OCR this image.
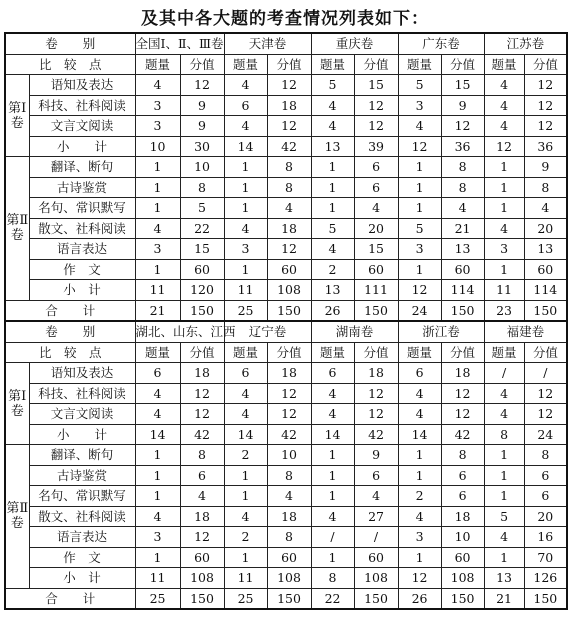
及其中各大题的考查情况列表如下：
卷　　别		全国Ⅰ、Ⅱ、Ⅲ卷		天津卷		重庆卷		广东卷		江苏卷	
比　较　点		题量	分值	题量	分值	题量	分值	题量	分值	题量	分值
第Ⅰ卷	语知及表达	4	12	4	12	5	15	5	15	4	12
	科技、社科阅读	3	9	6	18	4	12	3	9	4	12
	文言文阅读	3	9	4	12	4	12	4	12	4	12
	小　　计	10	30	14	42	13	39	12	36	12	36
第Ⅱ卷	翻译、断句	1	10	1	8	1	6	1	8	1	9
	古诗鉴赏	1	8	1	8	1	6	1	8	1	8
	名句、常识默写	1	5	1	4	1	4	1	4	1	4
	散文、社科阅读	4	22	4	18	5	20	5	21	4	20
	语言表达	3	15	3	12	4	15	3	13	3	13
	作　文	1	60	1	60	2	60	1	60	1	60
	小　计	11	120	11	108	13	111	12	114	11	114
合　　计		21	150	25	150	26	150	24	150	23	150
卷　　别		湖北、山东、江西		辽宁卷		湖南卷		浙江卷		福建卷	
比　较　点		题量	分值	题量	分值	题量	分值	题量	分值	题量	分值
第Ⅰ卷	语知及表达	6	18	6	18	6	18	6	18	/	/
	科技、社科阅读	4	12	4	12	4	12	4	12	4	12
	文言文阅读	4	12	4	12	4	12	4	12	4	12
	小　　计	14	42	14	42	14	42	14	42	8	24
第Ⅱ卷	翻译、断句	1	8	2	10	1	9	1	8	1	8
	古诗鉴赏	1	6	1	8	1	6	1	6	1	6
	名句、常识默写	1	4	1	4	1	4	2	6	1	6
	散文、社科阅读	4	18	4	18	4	27	4	18	5	20
	语言表达	3	12	2	8	/	/	3	10	4	16
	作　文	1	60	1	60	1	60	1	60	1	70
	小　计	11	108	11	108	8	108	12	108	13	126
合　　计		25	150	25	150	22	150	26	150	21	150
